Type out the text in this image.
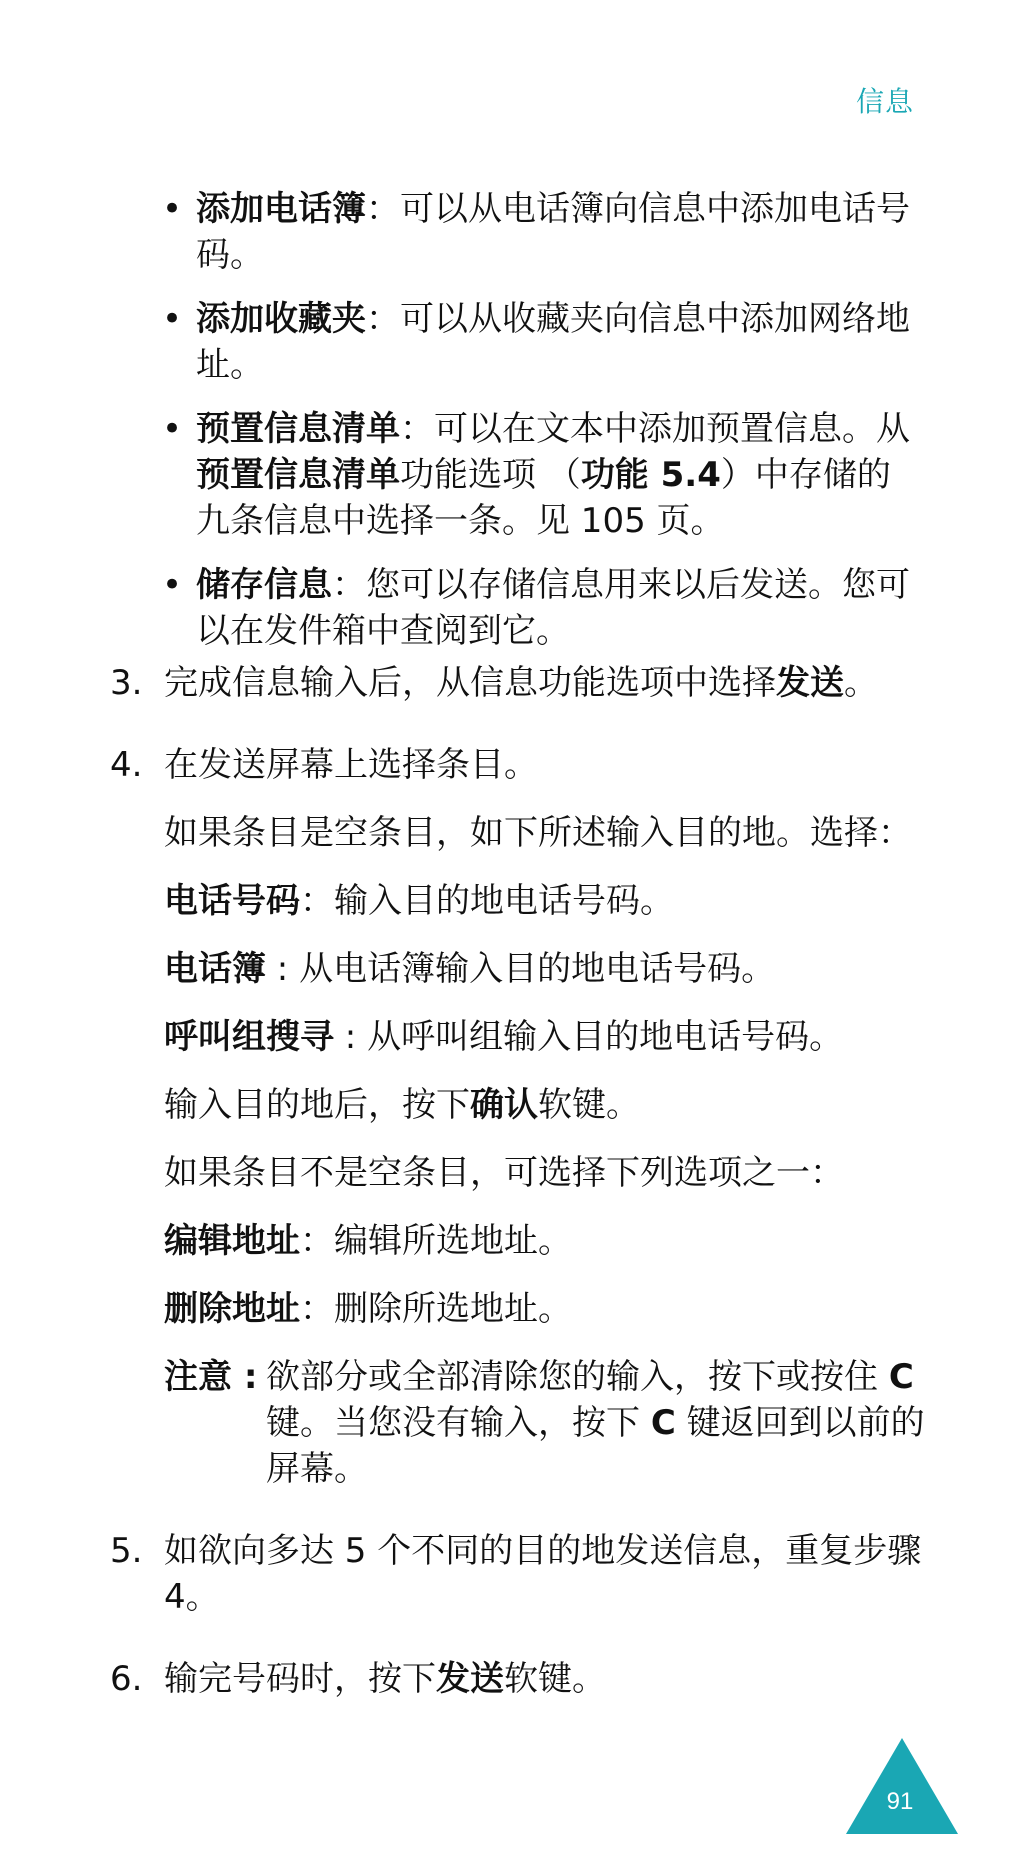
信息
• 添加电话簿：可以从电话簿向信息中添加电话号码。
• 添加收藏夹：可以从收藏夹向信息中添加网络地址。
• 预置信息清单：可以在文本中添加预置信息。从预置信息清单功能选项 （功能 5.4）中存储的九条信息中选择一条。见 105 页。
• 储存信息：您可以存储信息用来以后发送。您可以在发件箱中查阅到它。
3. 完成信息输入后，从信息功能选项中选择发送。
4. 在发送屏幕上选择条目。
如果条目是空条目，如下所述输入目的地。选择：
电话号码：输入目的地电话号码。
电话簿 : 从电话簿输入目的地电话号码。
呼叫组搜寻 : 从呼叫组输入目的地电话号码。
输入目的地后，按下确认软键。
如果条目不是空条目，可选择下列选项之一：
编辑地址：编辑所选地址。
删除地址：删除所选地址。
注意 : 欲部分或全部清除您的输入，按下或按住 C 键。当您没有输入，按下 C 键返回到以前的屏幕。
5. 如欲向多达 5 个不同的目的地发送信息，重复步骤 4。
6. 输完号码时，按下发送软键。
91
